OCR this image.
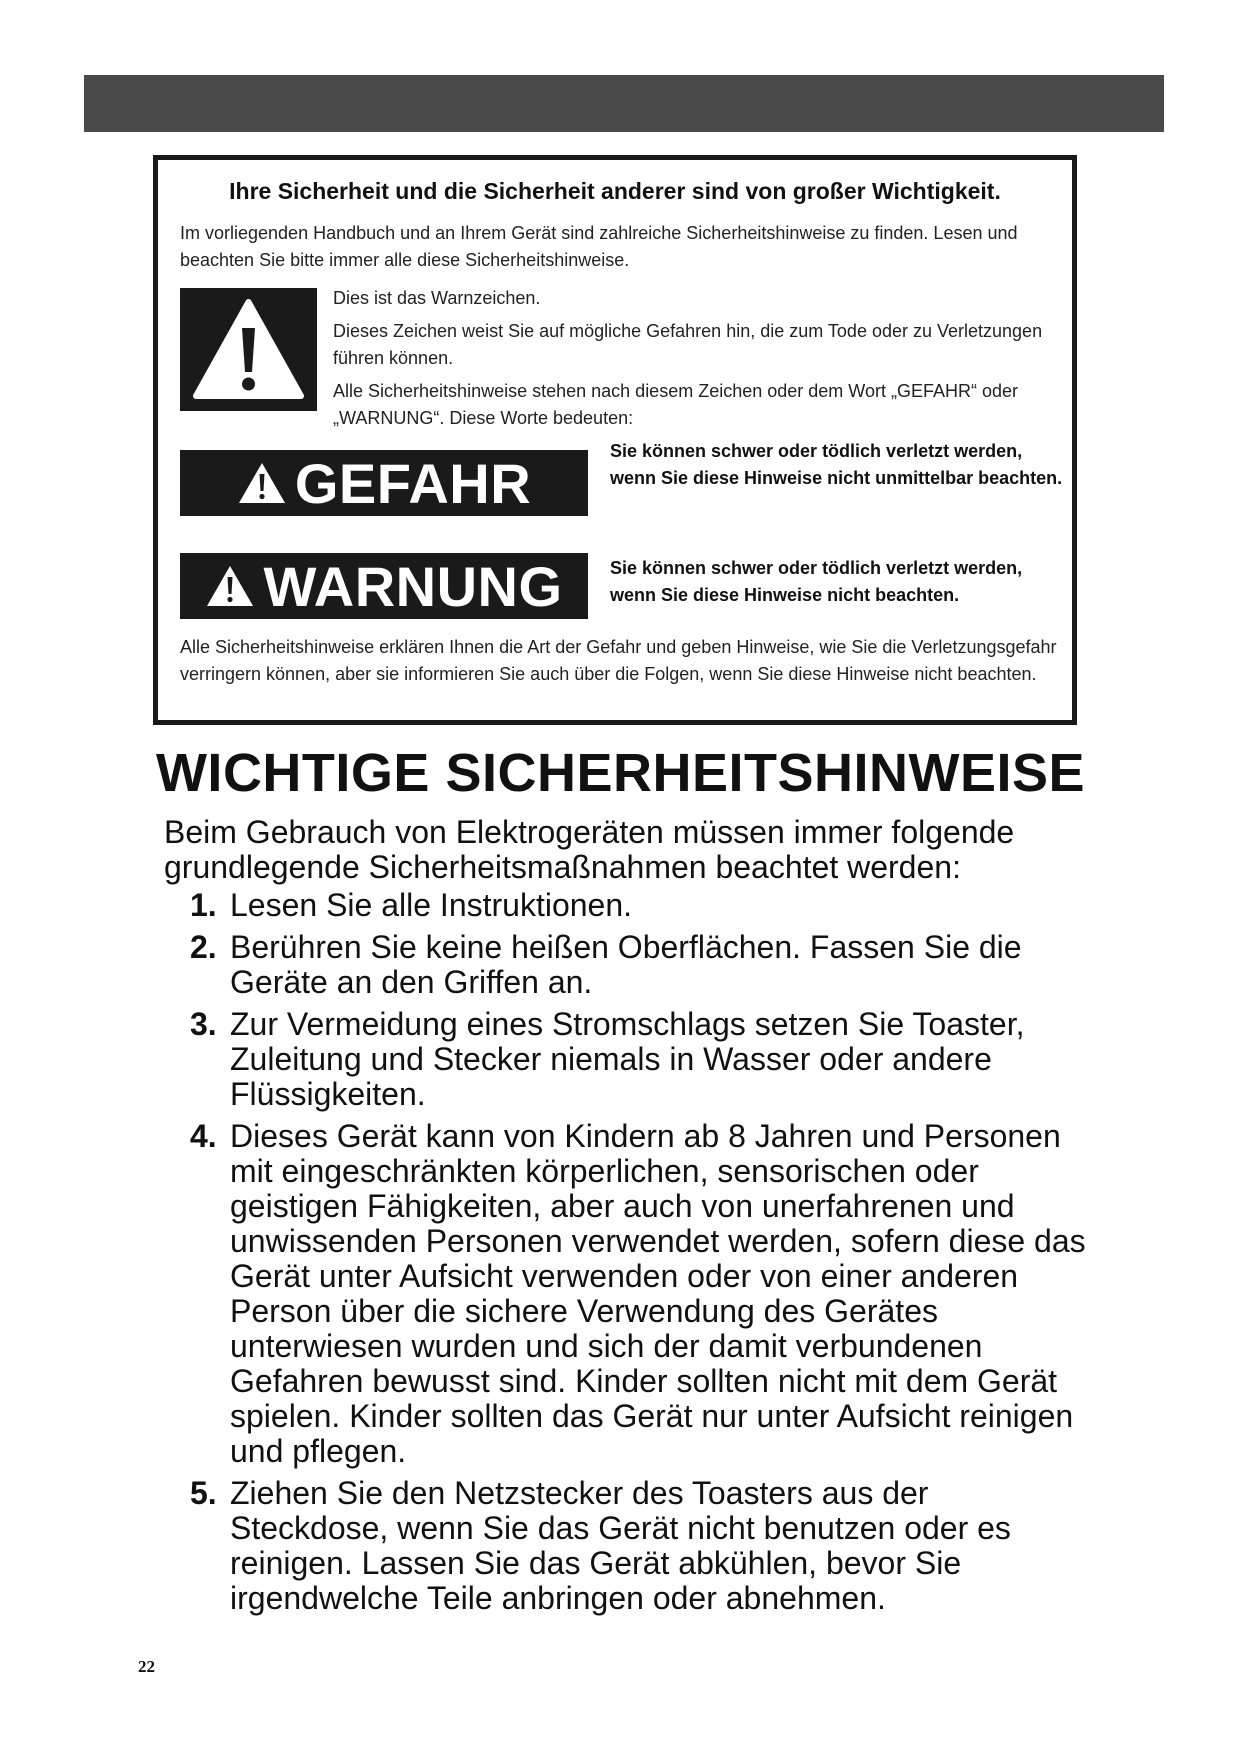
Ihre Sicherheit und die Sicherheit anderer sind von großer Wichtigkeit.
Im vorliegenden Handbuch und an Ihrem Gerät sind zahlreiche Sicherheitshinweise zu finden. Lesen und beachten Sie bitte immer alle diese Sicherheitshinweise.

Dies ist das Warnzeichen.

Dieses Zeichen weist Sie auf mögliche Gefahren hin, die zum Tode oder zu Verletzungen führen können.

Alle Sicherheitshinweise stehen nach diesem Zeichen oder dem Wort „GEFAHR“ oder „WARNUNG“. Diese Worte bedeuten:

GEFAHR
Sie können schwer oder tödlich verletzt werden, wenn Sie diese Hinweise nicht unmittelbar beachten.
WARNUNG	Sie können schwer oder tödlich verletzt werden, wenn Sie diese Hinweise nicht beachten.
Alle Sicherheitshinweise erklären Ihnen die Art der Gefahr und geben Hinweise, wie Sie die Verletzungsgefahr verringern können, aber sie informieren Sie auch über die Folgen, wenn Sie diese Hinweise nicht beachten.
WICHTIGE SICHERHEITSHINWEISE
Beim Gebrauch von Elektrogeräten müssen immer folgende grundlegende Sicherheitsmaßnahmen beachtet werden:
1. Lesen Sie alle Instruktionen.
2. Berühren Sie keine heißen Oberflächen. Fassen Sie die Geräte an den Griffen an.
3. Zur Vermeidung eines Stromschlags setzen Sie Toaster, Zuleitung und Stecker niemals in Wasser oder andere Flüssigkeiten.
4. Dieses Gerät kann von Kindern ab 8 Jahren und Personen mit eingeschränkten körperlichen, sensorischen oder geistigen Fähigkeiten, aber auch von unerfahrenen und unwissenden Personen verwendet werden, sofern diese das Gerät unter Aufsicht verwenden oder von einer anderen Person über die sichere Verwendung des Gerätes unterwiesen wurden und sich der damit verbundenen Gefahren bewusst sind. Kinder sollten nicht mit dem Gerät spielen. Kinder sollten das Gerät nur unter Aufsicht reinigen und pflegen.
5. Ziehen Sie den Netzstecker des Toasters aus der Steckdose, wenn Sie das Gerät nicht benutzen oder es reinigen. Lassen Sie das Gerät abkühlen, bevor Sie irgendwelche Teile anbringen oder abnehmen.
22
